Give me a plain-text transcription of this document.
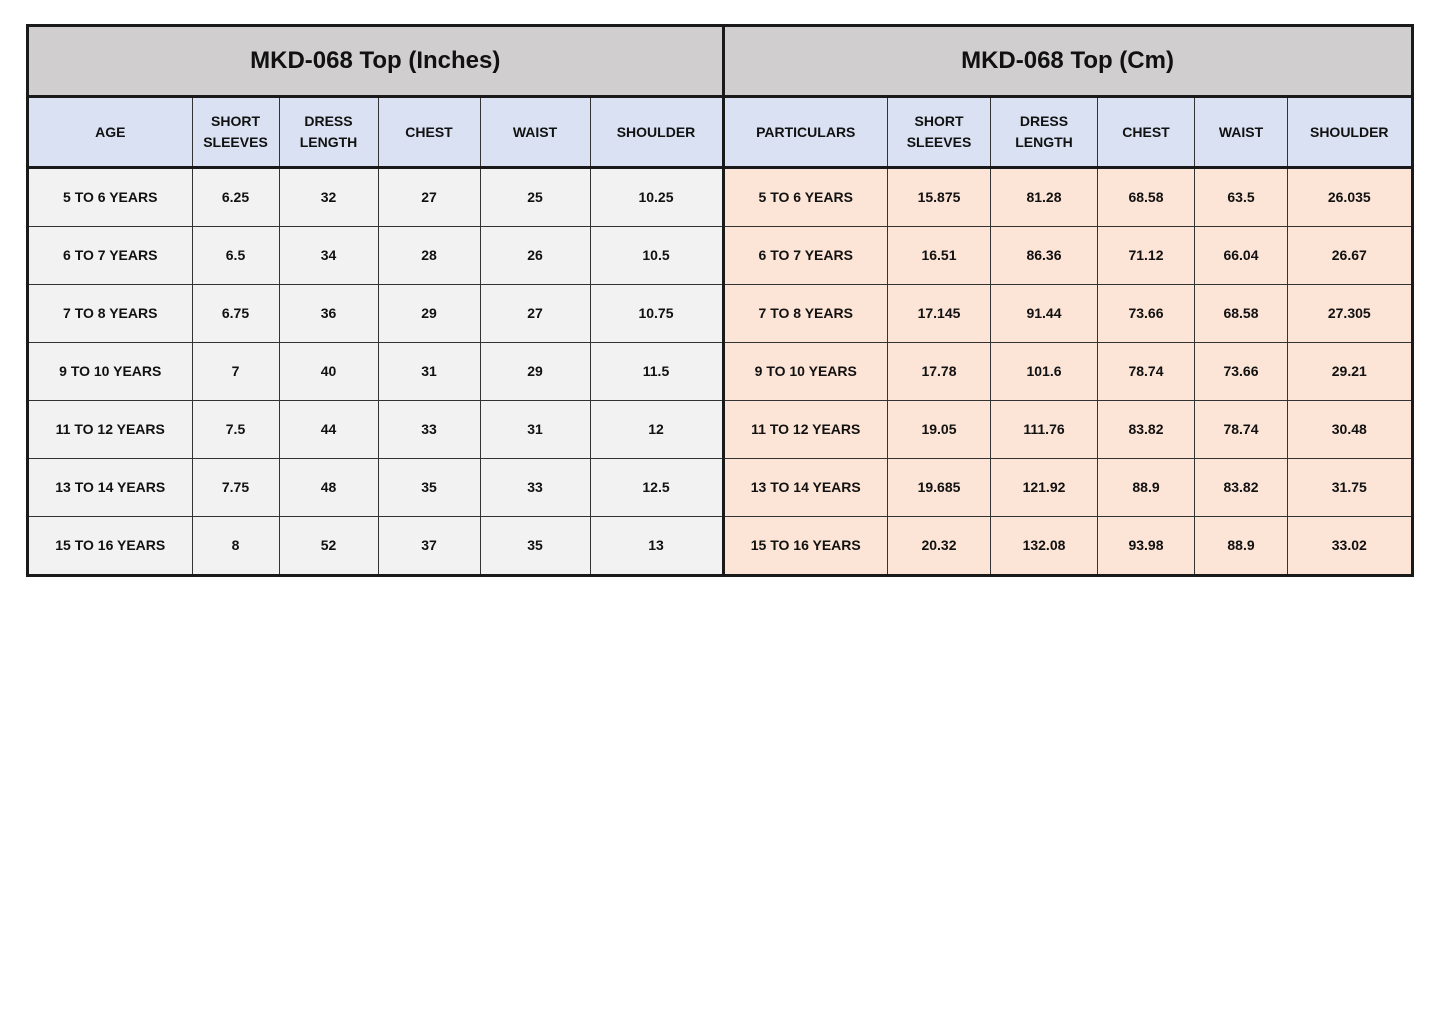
MKD-068 Top (Inches)					
AGE	SHORT SLEEVES	DRESS LENGTH	CHEST	WAIST	SHOULDER
5 TO 6 YEARS	6.25	32	27	25	10.25
6 TO 7 YEARS	6.5	34	28	26	10.5
7 TO 8 YEARS	6.75	36	29	27	10.75
9 TO 10 YEARS	7	40	31	29	11.5
11 TO 12 YEARS	7.5	44	33	31	12
13 TO 14 YEARS	7.75	48	35	33	12.5
15 TO 16 YEARS	8	52	37	35	13
MKD-068 Top (Cm)					
PARTICULARS	SHORT SLEEVES	DRESS LENGTH	CHEST	WAIST	SHOULDER
5 TO 6 YEARS	15.875	81.28	68.58	63.5	26.035
6 TO 7 YEARS	16.51	86.36	71.12	66.04	26.67
7 TO 8 YEARS	17.145	91.44	73.66	68.58	27.305
9 TO 10 YEARS	17.78	101.6	78.74	73.66	29.21
11 TO 12 YEARS	19.05	111.76	83.82	78.74	30.48
13 TO 14 YEARS	19.685	121.92	88.9	83.82	31.75
15 TO 16 YEARS	20.32	132.08	93.98	88.9	33.02
